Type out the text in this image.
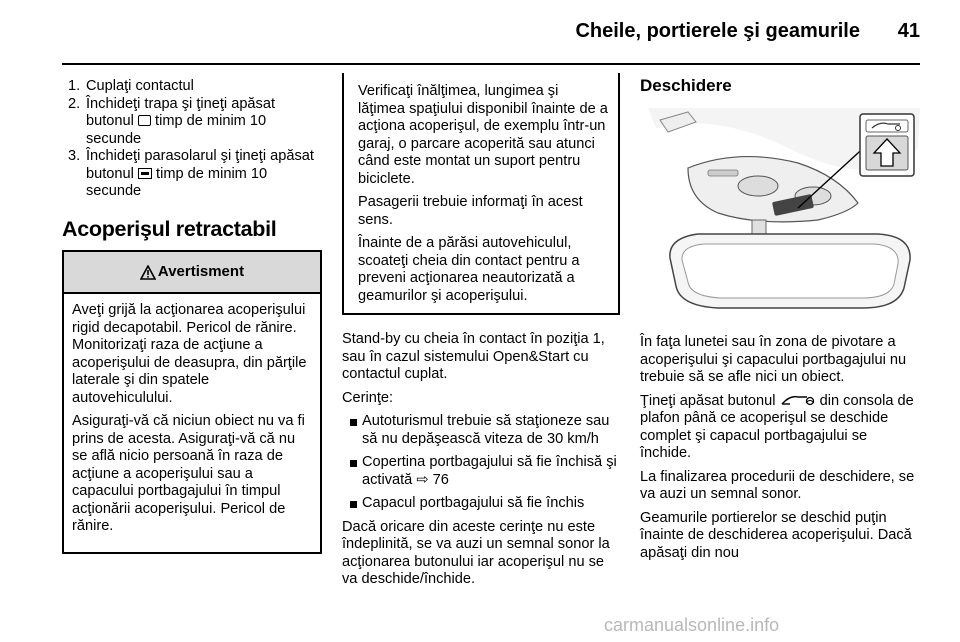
Cheile, portierele şi geamurile	41
1. Cuplaţi contactul
2. Închideţi trapa şi ţineţi apăsat butonul timp de minim 10 secunde
3. Închideţi parasolarul şi ţineţi apăsat butonul timp de minim 10 secunde
Acoperişul retractabil
Avertisment

Aveţi grijă la acţionarea acoperişului rigid decapotabil. Pericol de rănire. Monitorizaţi raza de acţiune a acoperişului de deasupra, din părţile laterale şi din spatele autovehiculului.

Asiguraţi-vă că niciun obiect nu va fi prins de acesta. Asiguraţi-vă că nu se află nicio persoană în raza de acţiune a acoperişului sau a capacului portbagajului în timpul acţionării acoperişului. Pericol de rănire.

Verificaţi înălţimea, lungimea şi lăţimea spaţiului disponibil înainte de a acţiona acoperişul, de exemplu într-un garaj, o parcare acoperită sau atunci când este montat un suport pentru biciclete.

Pasagerii trebuie informaţi în acest sens.

Înainte de a părăsi autovehiculul, scoateţi cheia din contact pentru a preveni acţionarea neautorizată a geamurilor şi acoperişului.

Stand-by cu cheia în contact în poziţia 1, sau în cazul sistemului Open&Start cu contactul cuplat.

Cerinţe:

Autoturismul trebuie să staţioneze sau să nu depăşească viteza de 30 km/h
Copertina portbagajului să fie închisă şi activată ⇨ 76
Capacul portbagajului să fie închis

Dacă oricare din aceste cerinţe nu este îndeplinită, se va auzi un semnal sonor la acţionarea butonului iar acoperişul nu se va deschide/închide.

Deschidere

În faţa lunetei sau în zona de pivotare a acoperişului şi capacului portbagajului nu trebuie să se afle nici un obiect.

Ţineţi apăsat butonul	din consola de plafon până ce acoperişul se deschide complet şi capacul portbagajului se închide.

La finalizarea procedurii de deschidere, se va auzi un semnal sonor.

Geamurile portierelor se deschid puţin înainte de deschiderea acoperişului. Dacă apăsaţi din nou

carmanualsonline.info
